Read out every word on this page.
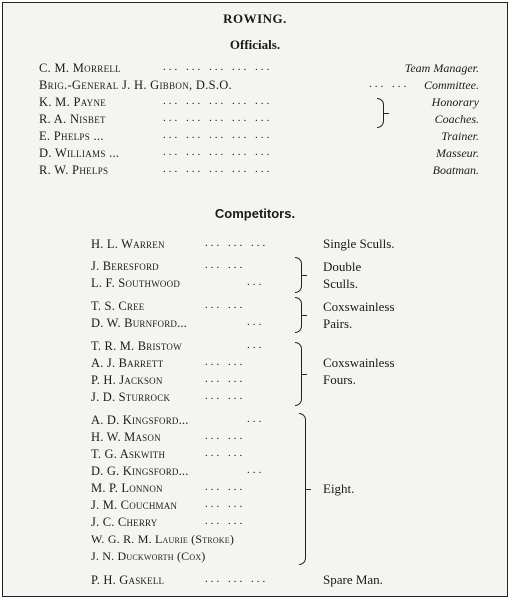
ROWING.
Officials.
C. M. Morrell	... ... ... ... ...	Team Manager.
Brig.-General J. H. Gibbon, D.S.O.	... ... Committee.
K. M. Payne	... ... ... ... ...	Honorary
R. A. Nisbet	... ... ... ... ...	Coaches.
E. Phelps ...	... ... ... ... ...	Trainer.
D. Williams ...	... ... ... ... ...	Masseur.
R. W. Phelps	... ... ... ... ...	Boatman.
Competitors.
H. L. Warren	... ... ...	Single Sculls.
J. Beresford	... ...
L. F. Southwood	...
Double
Sculls.
T. S. Cree	... ...
D. W. Burnford...	...
Coxswainless
Pairs.
T. R. M. Bristow	...
A. J. Barrett	... ...
P. H. Jackson	... ...
J. D. Sturrock	... ...
Coxswainless
Fours.
A. D. Kingsford...	...
H. W. Mason	... ...
T. G. Askwith	... ...
D. G. Kingsford...	...
M. P. Lonnon	... ...
J. M. Couchman	... ...
J. C. Cherry	... ...
W. G. R. M. Laurie (Stroke)
J. N. Duckworth (Cox)
Eight.
P. H. Gaskell	... ... ...	Spare Man.
